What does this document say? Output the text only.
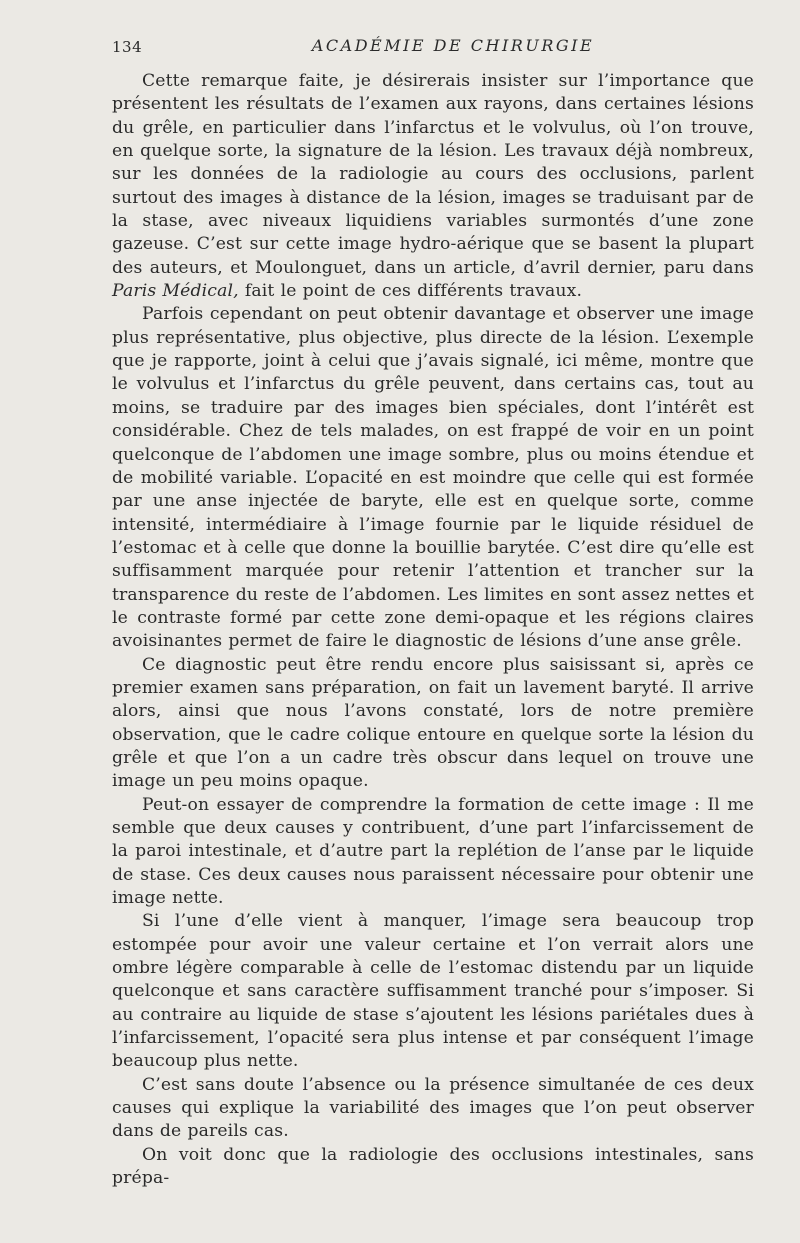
134	ACADÉMIE DE CHIRURGIE

Cette remarque faite, je désirerais insister sur l’importance que présentent les résultats de l’examen aux rayons, dans certaines lésions du grêle, en particulier dans l’infarctus et le volvulus, où l’on trouve, en quelque sorte, la signature de la lésion. Les travaux déjà nombreux, sur les données de la radiologie au cours des occlusions, parlent surtout des images à distance de la lésion, images se traduisant par de la stase, avec niveaux liquidiens variables surmontés d’une zone gazeuse. C’est sur cette image hydro-aérique que se basent la plupart des auteurs, et Moulonguet, dans un article, d’avril dernier, paru dans Paris Médical, fait le point de ces différents travaux.

Parfois cependant on peut obtenir davantage et observer une image plus représentative, plus objective, plus directe de la lésion. L’exemple que je rapporte, joint à celui que j’avais signalé, ici même, montre que le volvulus et l’infarctus du grêle peuvent, dans certains cas, tout au moins, se traduire par des images bien spéciales, dont l’intérêt est considérable. Chez de tels malades, on est frappé de voir en un point quelconque de l’abdomen une image sombre, plus ou moins étendue et de mobilité variable. L’opacité en est moindre que celle qui est formée par une anse injectée de baryte, elle est en quelque sorte, comme intensité, intermédiaire à l’image fournie par le liquide résiduel de l’estomac et à celle que donne la bouillie barytée. C’est dire qu’elle est suffisamment marquée pour retenir l’attention et trancher sur la transparence du reste de l’abdomen. Les limites en sont assez nettes et le contraste formé par cette zone demi-opaque et les régions claires avoisinantes permet de faire le diagnostic de lésions d’une anse grêle.

Ce diagnostic peut être rendu encore plus saisissant si, après ce premier examen sans préparation, on fait un lavement baryté. Il arrive alors, ainsi que nous l’avons constaté, lors de notre première observation, que le cadre colique entoure en quelque sorte la lésion du grêle et que l’on a un cadre très obscur dans lequel on trouve une image un peu moins opaque.

Peut-on essayer de comprendre la formation de cette image : Il me semble que deux causes y contribuent, d’une part l’infarcissement de la paroi intestinale, et d’autre part la replétion de l’anse par le liquide de stase. Ces deux causes nous paraissent nécessaire pour obtenir une image nette.

Si l’une d’elle vient à manquer, l’image sera beaucoup trop estompée pour avoir une valeur certaine et l’on verrait alors une ombre légère comparable à celle de l’estomac distendu par un liquide quelconque et sans caractère suffisamment tranché pour s’imposer. Si au contraire au liquide de stase s’ajoutent les lésions pariétales dues à l’infarcissement, l’opacité sera plus intense et par conséquent l’image beaucoup plus nette.

C’est sans doute l’absence ou la présence simultanée de ces deux causes qui explique la variabilité des images que l’on peut observer dans de pareils cas.

On voit donc que la radiologie des occlusions intestinales, sans prépa-
